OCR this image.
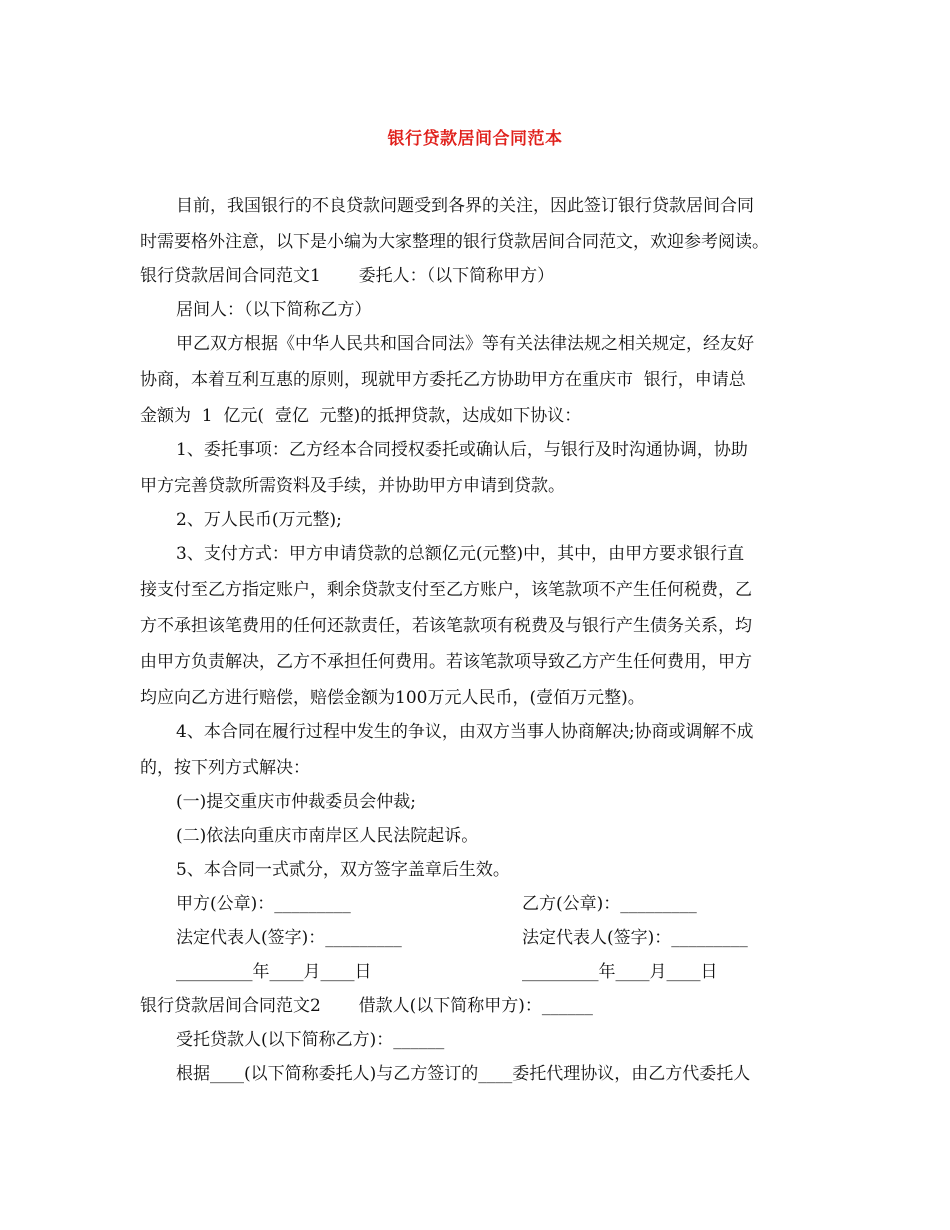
银行贷款居间合同范本
目前，我国银行的不良贷款问题受到各界的关注，因此签订银行贷款居间合同
时需要格外注意，以下是小编为大家整理的银行贷款居间合同范文，欢迎参考阅读。
银行贷款居间合同范文1 委托人：（以下简称甲方）
居间人：（以下简称乙方）
甲乙双方根据《中华人民共和国合同法》等有关法律法规之相关规定，经友好
协商，本着互利互惠的原则，现就甲方委托乙方协助甲方在重庆市  银行，申请总
金额为  1  亿元(  壹亿  元整)的抵押贷款，达成如下协议：
1、委托事项：乙方经本合同授权委托或确认后，与银行及时沟通协调，协助
甲方完善贷款所需资料及手续，并协助甲方申请到贷款。
2、万人民币(万元整);
3、支付方式：甲方申请贷款的总额亿元(元整)中，其中，由甲方要求银行直
接支付至乙方指定账户，剩余贷款支付至乙方账户，该笔款项不产生任何税费，乙
方不承担该笔费用的任何还款责任，若该笔款项有税费及与银行产生债务关系，均
由甲方负责解决，乙方不承担任何费用。若该笔款项导致乙方产生任何费用，甲方
均应向乙方进行赔偿，赔偿金额为100万元人民币，(壹佰万元整)。
4、本合同在履行过程中发生的争议，由双方当事人协商解决;协商或调解不成
的，按下列方式解决：
(一)提交重庆市仲裁委员会仲裁;
(二)依法向重庆市南岸区人民法院起诉。
5、本合同一式贰分，双方签字盖章后生效。
甲方(公章)：_________	乙方(公章)：_________
法定代表人(签字)：_________	法定代表人(签字)：_________
_________年____月____日	_________年____月____日
银行贷款居间合同范文2 借款人(以下简称甲方)：______
受托贷款人(以下简称乙方)：______
根据____(以下简称委托人)与乙方签订的____委托代理协议，由乙方代委托人
